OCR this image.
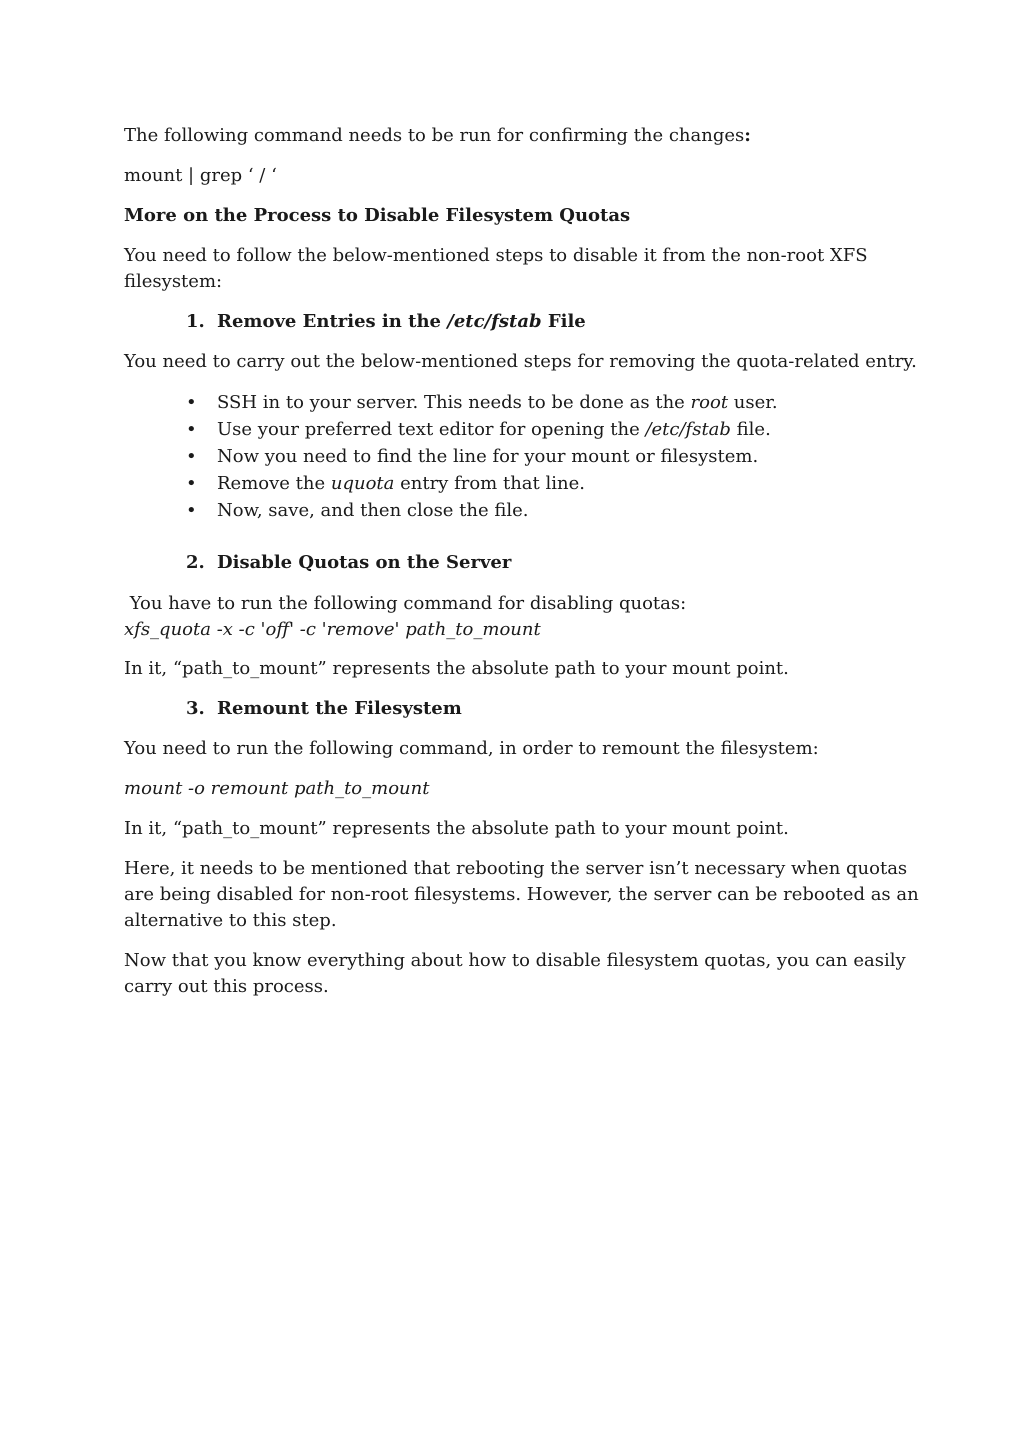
The following command needs to be run for confirming the changes:

mount | grep ‘ / ‘

More on the Process to Disable Filesystem Quotas

You need to follow the below-mentioned steps to disable it from the non-root XFS

filesystem:

1. Remove Entries in the /etc/fstab File

You need to carry out the below-mentioned steps for removing the quota-related entry.

• SSH in to your server. This needs to be done as the root user.

• Use your preferred text editor for opening the /etc/fstab file.

• Now you need to find the line for your mount or filesystem.

• Remove the uquota entry from that line.

• Now, save, and then close the file.

2. Disable Quotas on the Server

You have to run the following command for disabling quotas:

xfs_quota -x -c 'off' -c 'remove' path_to_mount

In it, “path_to_mount” represents the absolute path to your mount point.

3. Remount the Filesystem

You need to run the following command, in order to remount the filesystem:

mount -o remount path_to_mount

In it, “path_to_mount” represents the absolute path to your mount point.

Here, it needs to be mentioned that rebooting the server isn’t necessary when quotas

are being disabled for non-root filesystems. However, the server can be rebooted as an

alternative to this step.

Now that you know everything about how to disable filesystem quotas, you can easily

carry out this process.
